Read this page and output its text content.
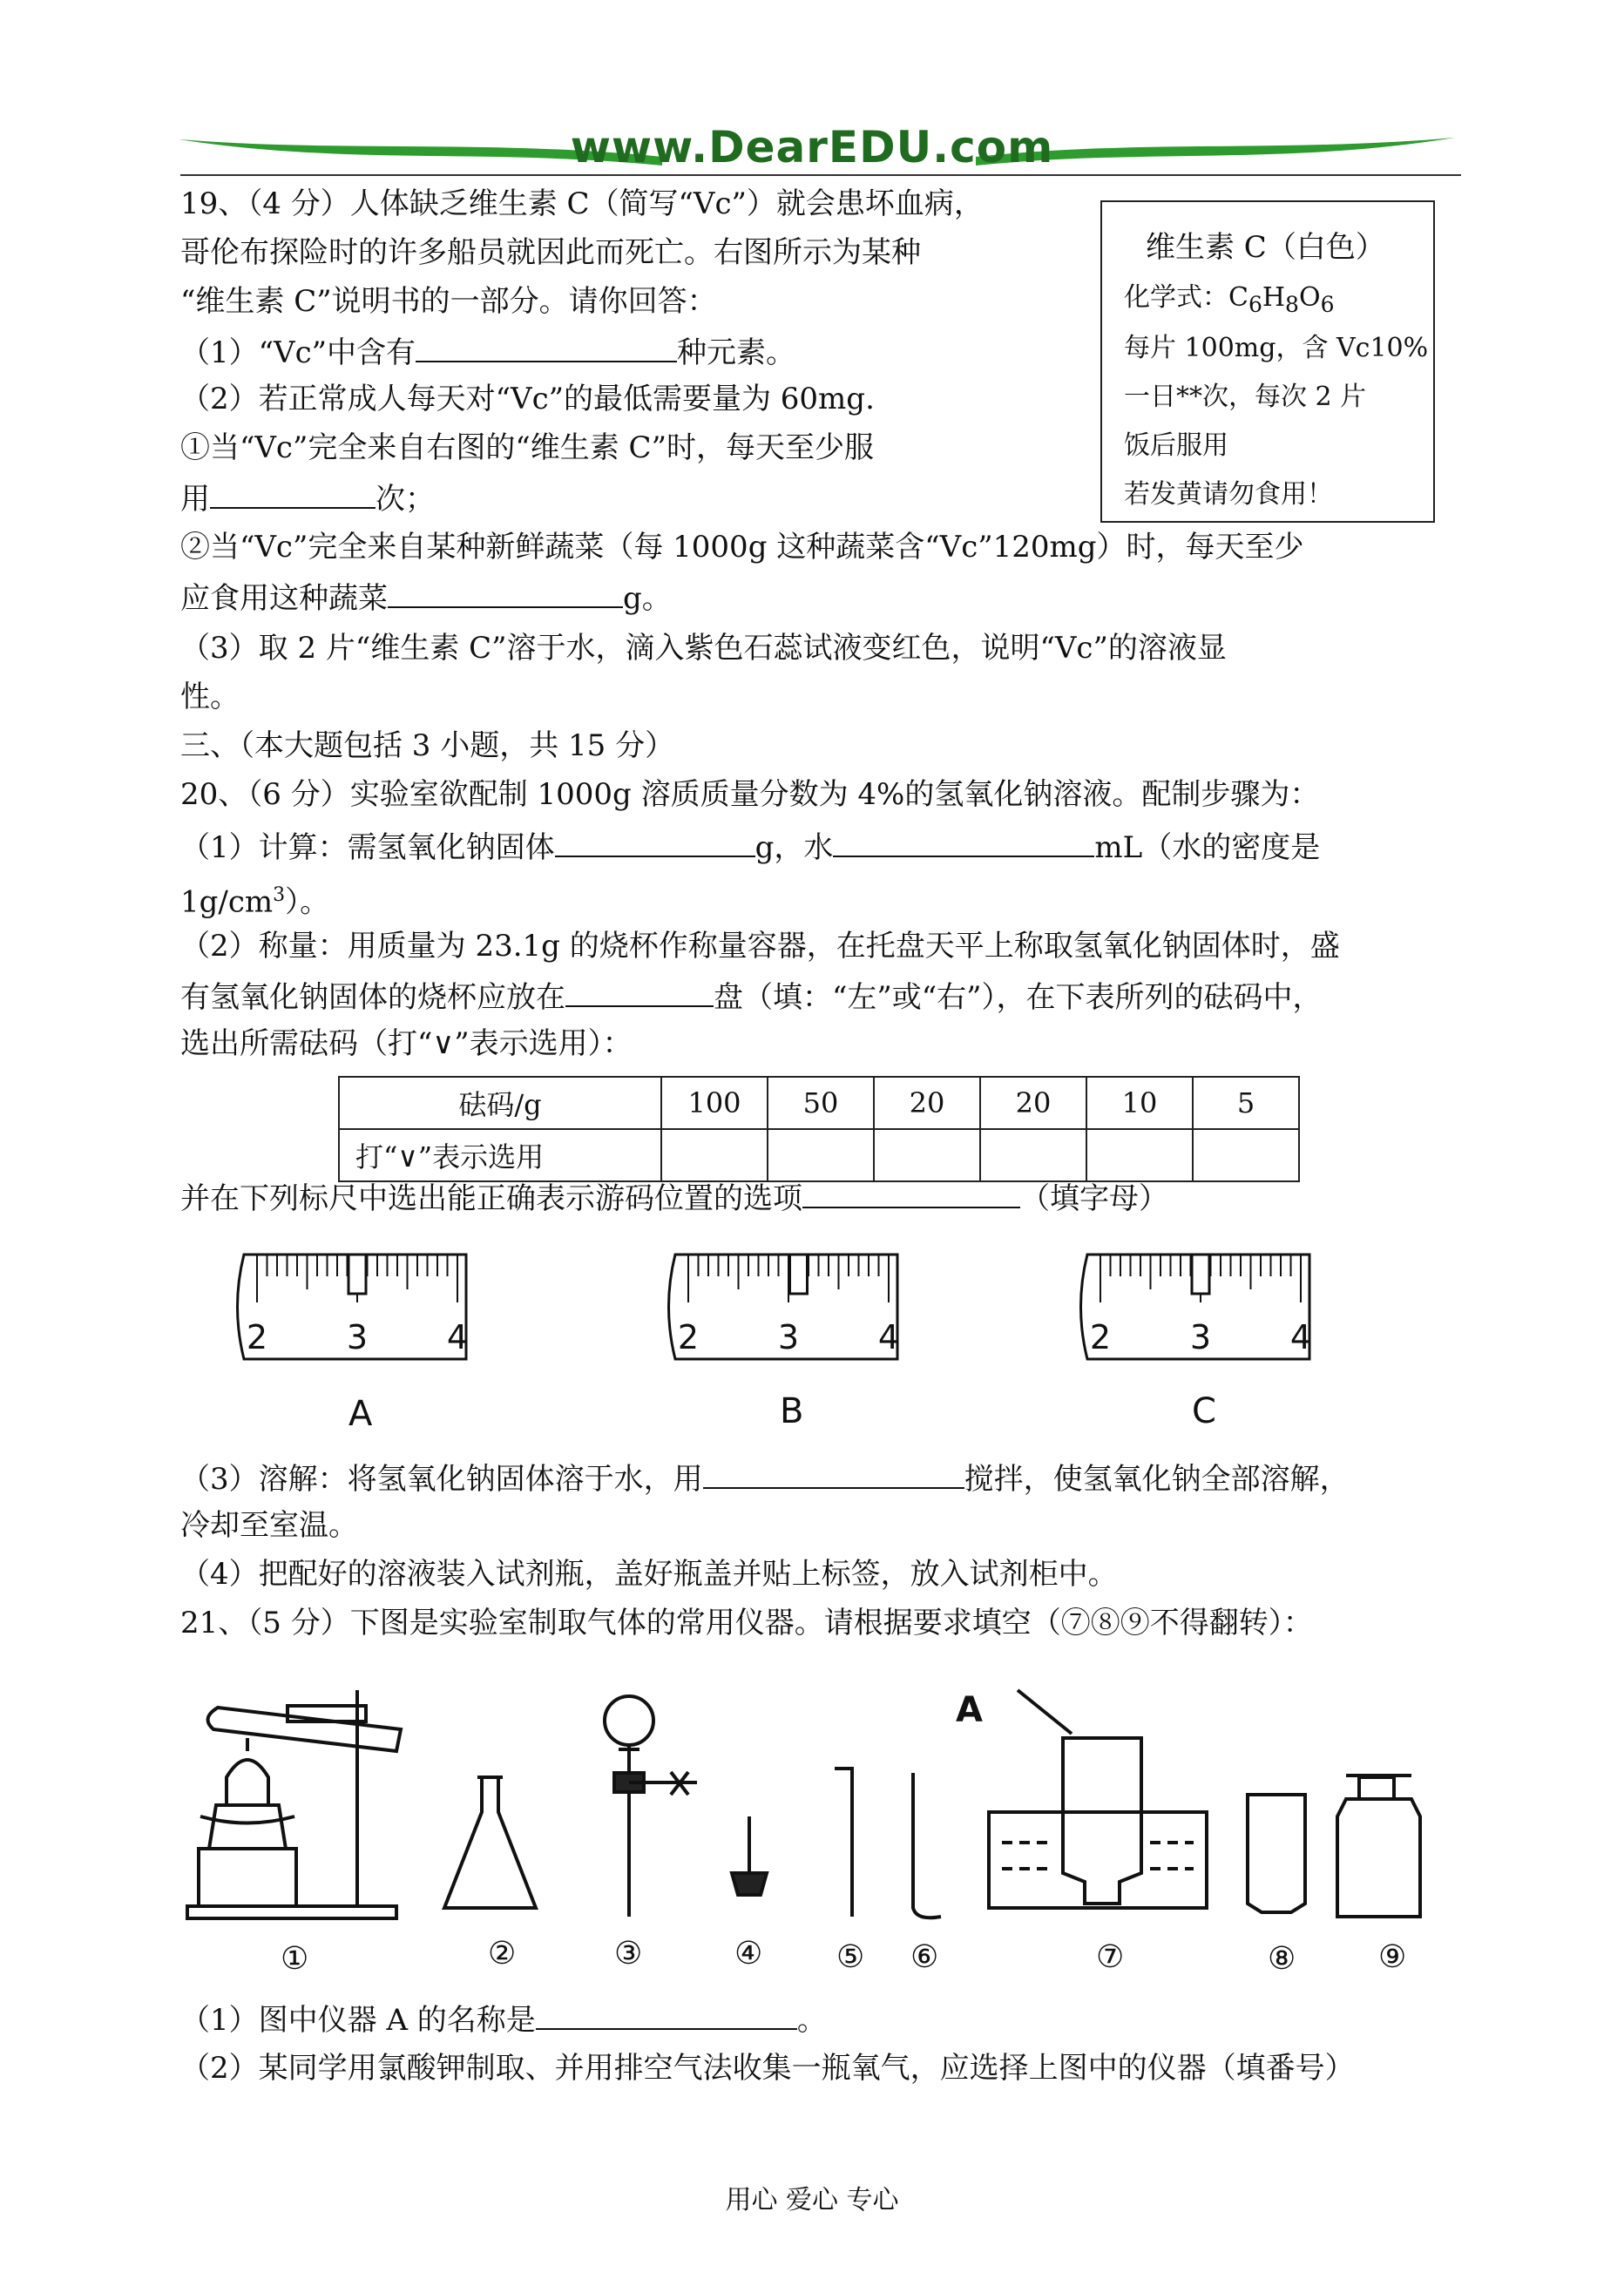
www.DearEDU.com
19、（4 分）人体缺乏维生素 C（简写“Vc”）就会患坏血病，
哥伦布探险时的许多船员就因此而死亡。右图所示为某种
“维生素 C”说明书的一部分。请你回答：
（1）“Vc”中含有	种元素。
（2）若正常成人每天对“Vc”的最低需要量为 60mg.
①当“Vc”完全来自右图的“维生素 C”时，每天至少服
用	次；
②当“Vc”完全来自某种新鲜蔬菜（每 1000g 这种蔬菜含“Vc”120mg）时，每天至少
应食用这种蔬菜	g。
（3）取 2 片“维生素 C”溶于水，滴入紫色石蕊试液变红色，说明“Vc”的溶液显
性。
维生素 C（白色）
化学式：$C_6H_8O_6$
每片 100mg，含 Vc10%
一日**次，每次 2 片
饭后服用
若发黄请勿食用！
三、（本大题包括 3 小题，共 15 分）
20、（6 分）实验室欲配制 1000g 溶质质量分数为 4%的氢氧化钠溶液。配制步骤为：
（1）计算：需氢氧化钠固体	g，水	mL（水的密度是
$1g/cm^3$）。
（2）称量：用质量为 23.1g 的烧杯作称量容器，在托盘天平上称取氢氧化钠固体时，盛
有氢氧化钠固体的烧杯应放在	盘（填：“左”或“右”），在下表所列的砝码中，
选出所需砝码（打“∨”表示选用）：
砝码/g	100	50	20	20	10	5
打“∨”表示选用						
并在下列标尺中选出能正确表示游码位置的选项	（填字母）
2 3 4	2 3 4	2 3 4
A	B	C
（3）溶解：将氢氧化钠固体溶于水，用	搅拌，使氢氧化钠全部溶解，
冷却至室温。
（4）把配好的溶液装入试剂瓶，盖好瓶盖并贴上标签，放入试剂柜中。
21、（5 分）下图是实验室制取气体的常用仪器。请根据要求填空（⑦⑧⑨不得翻转）：
A
①	②	③	④ ⑤ ⑥	⑦	⑧	⑨
（1）图中仪器 A 的名称是	。
（2）某同学用氯酸钾制取、并用排空气法收集一瓶氧气，应选择上图中的仪器（填番号）
用心 爱心 专心
